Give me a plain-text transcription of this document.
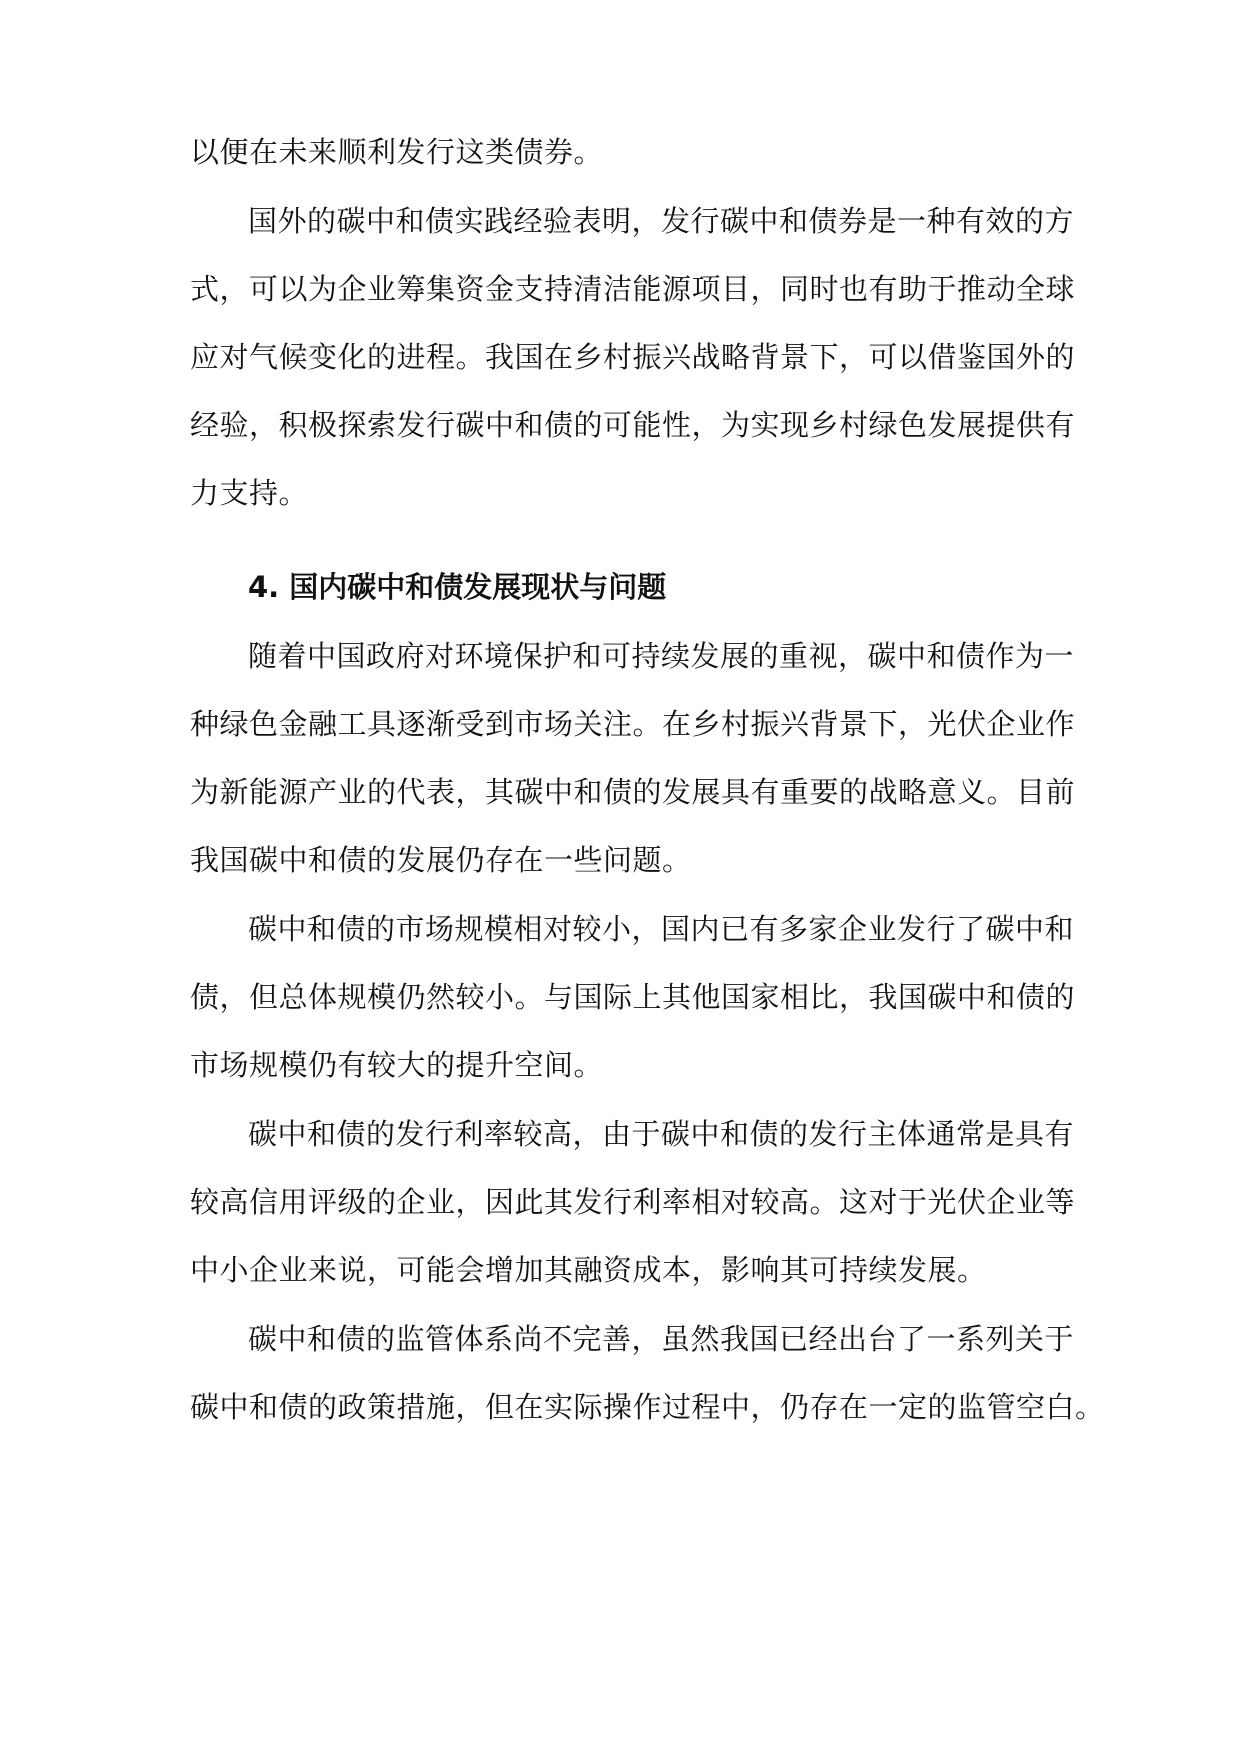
以便在未来顺利发行这类债券。
国外的碳中和债实践经验表明，发行碳中和债券是一种有效的方
式，可以为企业筹集资金支持清洁能源项目，同时也有助于推动全球
应对气候变化的进程。我国在乡村振兴战略背景下，可以借鉴国外的
经验，积极探索发行碳中和债的可能性，为实现乡村绿色发展提供有
力支持。
4. 国内碳中和债发展现状与问题
随着中国政府对环境保护和可持续发展的重视，碳中和债作为一
种绿色金融工具逐渐受到市场关注。在乡村振兴背景下，光伏企业作
为新能源产业的代表，其碳中和债的发展具有重要的战略意义。目前
我国碳中和债的发展仍存在一些问题。
碳中和债的市场规模相对较小，国内已有多家企业发行了碳中和
债，但总体规模仍然较小。与国际上其他国家相比，我国碳中和债的
市场规模仍有较大的提升空间。
碳中和债的发行利率较高，由于碳中和债的发行主体通常是具有
较高信用评级的企业，因此其发行利率相对较高。这对于光伏企业等
中小企业来说，可能会增加其融资成本，影响其可持续发展。
碳中和债的监管体系尚不完善，虽然我国已经出台了一系列关于
碳中和债的政策措施，但在实际操作过程中，仍存在一定的监管空白。
